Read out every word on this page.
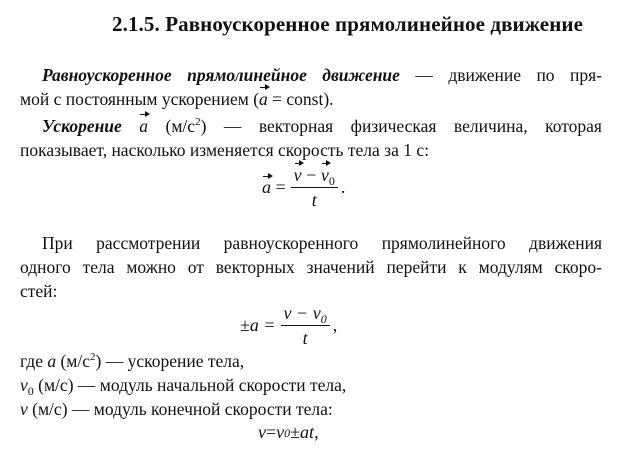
2.1.5. Равноускоренное прямолинейное движение
Равноускоренное прямолинейное движение — движение по пря-
мой с постоянным ускорением (a = const).
Ускорение a $(м/с^2)$ — векторная физическая величина, которая
показывает, насколько изменяется скорость тела за 1 с:
$a = \frac{v - v_0}{t}$ .
При рассмотрении равноускоренного прямолинейного движения
одного тела можно от векторных значений перейти к модулям скоро-
стей:
$\pm a = \frac{v - v_0}{t}$ ,
где a $(м/с^2)$ — ускорение тела,
$v_0$ (м/с) — модуль начальной скорости тела,
v (м/с) — модуль конечной скорости тела:
v = v 0 ± at ,
